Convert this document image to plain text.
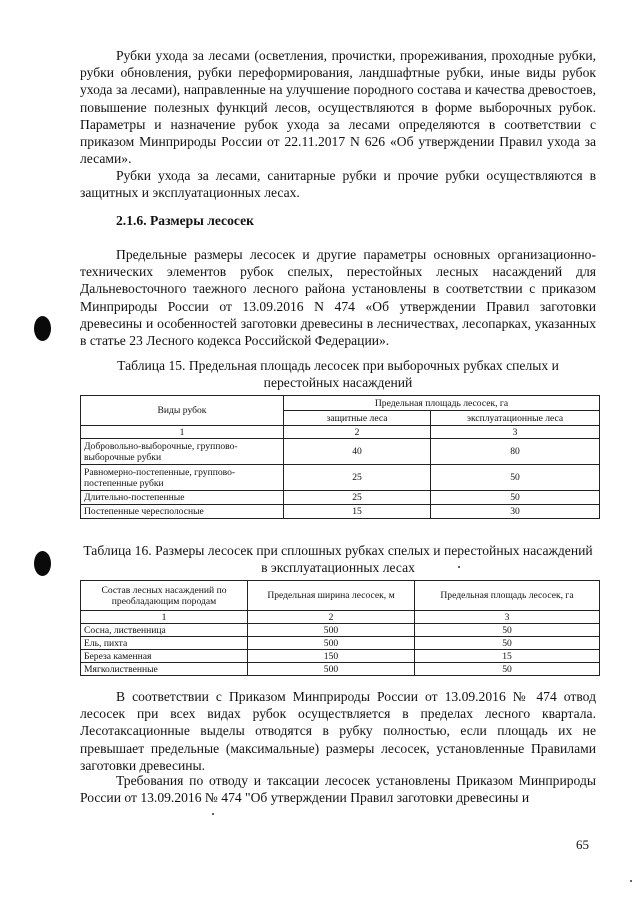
Рубки ухода за лесами (осветления, прочистки, прореживания, проходные рубки, рубки обновления, рубки переформирования, ландшафтные рубки, иные виды рубок ухода за лесами), направленные на улучшение породного состава и качества древостоев, повышение полезных функций лесов, осуществляются в форме выборочных рубок. Параметры и назначение рубок ухода за лесами определяются в соответствии с приказом Минприроды России от 22.11.2017 N 626 «Об утверждении Правил ухода за лесами».

Рубки ухода за лесами, санитарные рубки и прочие рубки осуществляются в защитных и эксплуатационных лесах.

2.1.6. Размеры лесосек

Предельные размеры лесосек и другие параметры основных организационно-технических элементов рубок спелых, перестойных лесных насаждений для Дальневосточного таежного лесного района установлены в соответствии с приказом Минприроды России от 13.09.2016 N 474 «Об утверждении Правил заготовки древесины и особенностей заготовки древесины в лесничествах, лесопарках, указанных в статье 23 Лесного кодекса Российской Федерации».

Таблица 15. Предельная площадь лесосек при выборочных рубках спелых и перестойных насаждений

Виды рубок	Предельная площадь лесосек, га	
	защитные леса	эксплуатационные леса
1	2	3
Добровольно-выборочные, группово-выборочные рубки	40	80
Равномерно-постепенные, группово-постепенные рубки	25	50
Длительно-постепенные	25	50
Постепенные чересполосные	15	30

Таблица 16. Размеры лесосек при сплошных рубках спелых и перестойных насаждений в эксплуатационных лесах

Состав лесных насаждений по преобладающим породам	Предельная ширина лесосек, м	Предельная площадь лесосек, га
1	2	3
Сосна, лиственница	500	50
Ель, пихта	500	50
Береза каменная	150	15
Мягколиственные	500	50

В соответствии с Приказом Минприроды России от 13.09.2016 № 474 отвод лесосек при всех видах рубок осуществляется в пределах лесного квартала. Лесотаксационные выделы отводятся в рубку полностью, если площадь их не превышает предельные (максимальные) размеры лесосек, установленные Правилами заготовки древесины.

Требования по отводу и таксации лесосек установлены Приказом Минприроды России от 13.09.2016 № 474 "Об утверждении Правил заготовки древесины и

65
